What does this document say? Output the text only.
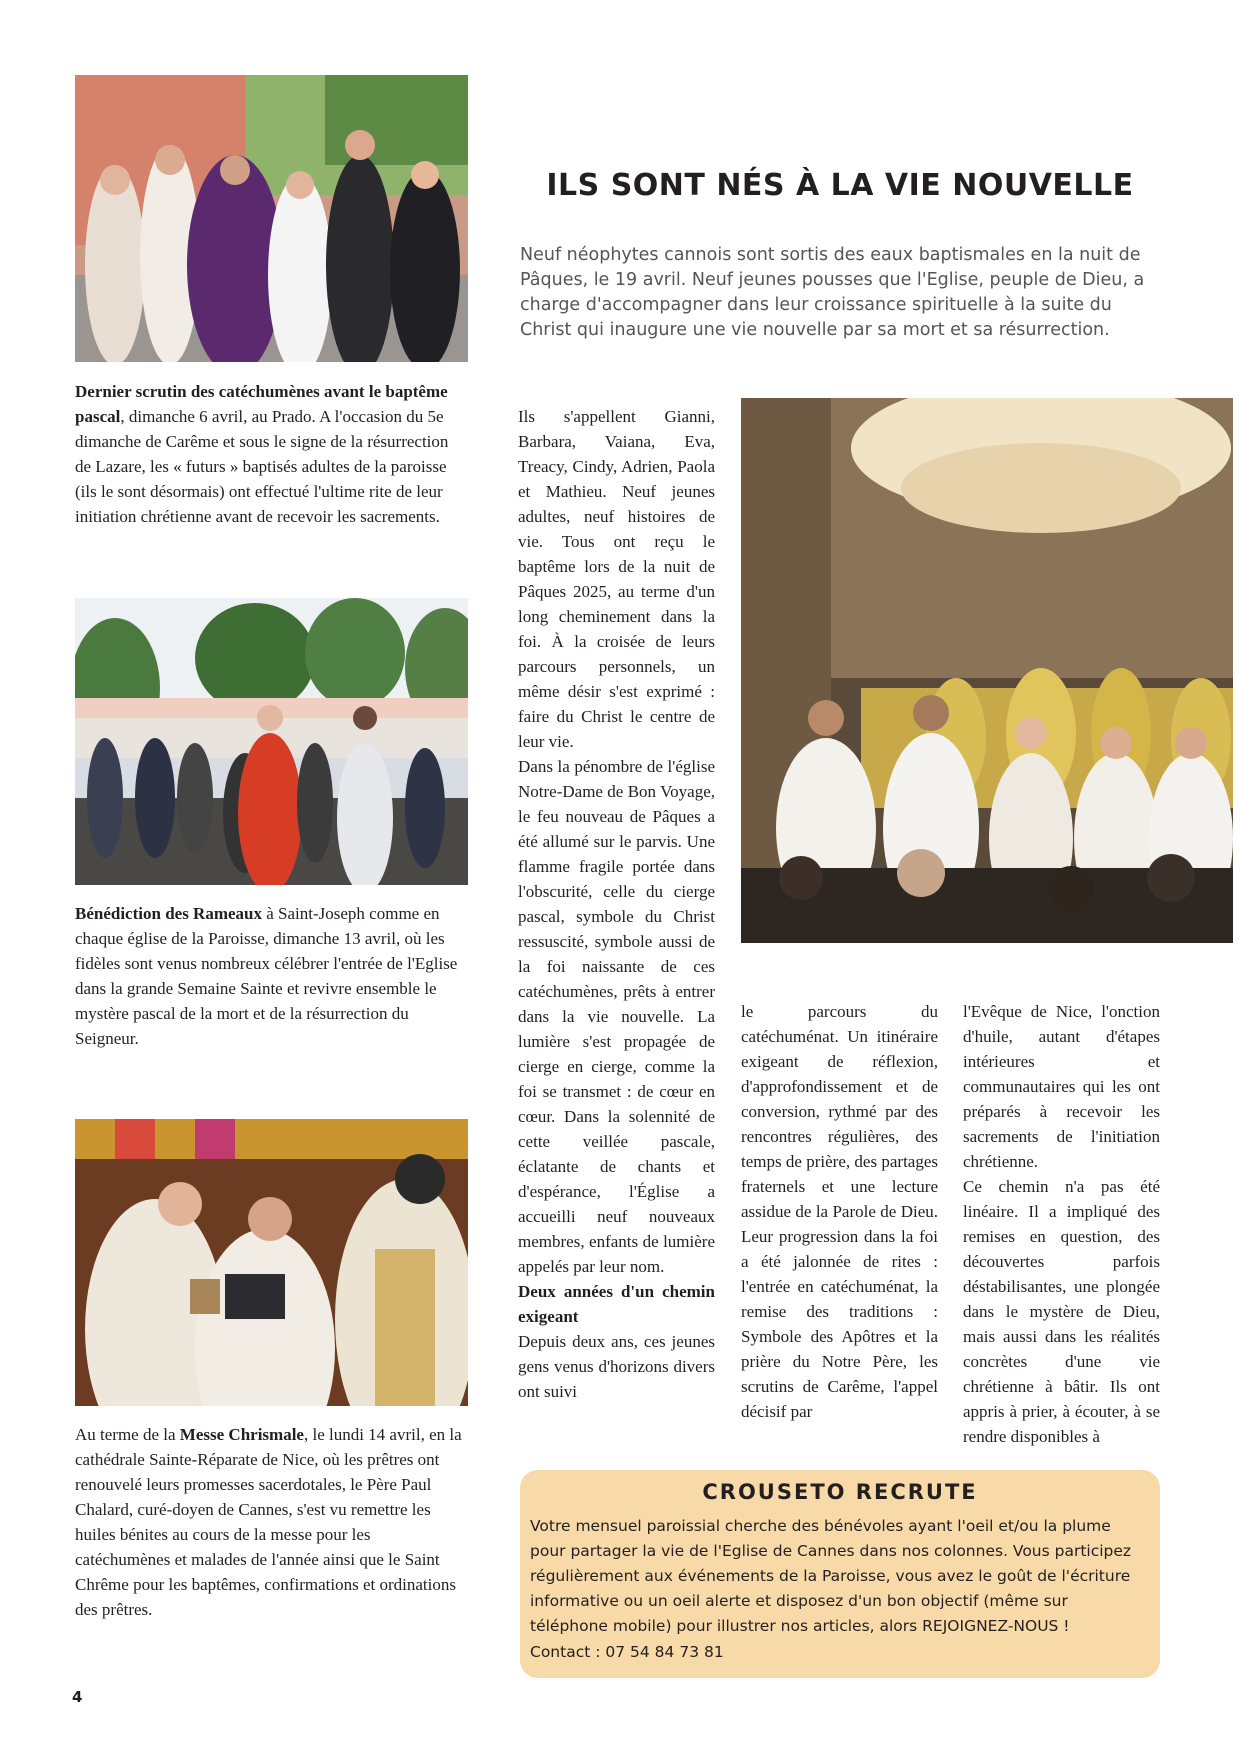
Dernier scrutin des catéchumènes avant le baptême pascal, dimanche 6 avril, au Prado. A l'occasion du 5e dimanche de Carême et sous le signe de la résurrection de Lazare, les « futurs » baptisés adultes de la paroisse (ils le sont désormais) ont effectué l'ultime rite de leur initiation chrétienne avant de recevoir les sacrements.
Bénédiction des Rameaux à Saint-Joseph comme en chaque église de la Paroisse, dimanche 13 avril, où les fidèles sont venus nombreux célébrer l'entrée de l'Eglise dans la grande Semaine Sainte et revivre ensemble le mystère pascal de la mort et de la résurrection du Seigneur.
Au terme de la Messe Chrismale, le lundi 14 avril, en la cathédrale Sainte-Réparate de Nice, où les prêtres ont renouvelé leurs promesses sacerdotales, le Père Paul Chalard, curé-doyen de Cannes, s'est vu remettre les huiles bénites au cours de la messe pour les catéchumènes et malades de l'année ainsi que le Saint Chrême pour les baptêmes, confirmations et ordinations des prêtres.
ILS SONT NÉS À LA VIE NOUVELLE

Neuf néophytes cannois sont sortis des eaux baptismales en la nuit de Pâques, le 19 avril. Neuf jeunes pousses que l'Eglise, peuple de Dieu, a charge d'accompagner dans leur croissance spirituelle à la suite du Christ qui inaugure une vie nouvelle par sa mort et sa résurrection.

Ils s'appellent Gianni, Barbara, Vaiana, Eva, Treacy, Cindy, Adrien, Paola et Mathieu. Neuf jeunes adultes, neuf histoires de vie. Tous ont reçu le baptême lors de la nuit de Pâques 2025, au terme d'un long cheminement dans la foi. À la croisée de leurs parcours personnels, un même désir s'est exprimé : faire du Christ le centre de leur vie.

Dans la pénombre de l'église Notre-Dame de Bon Voyage, le feu nouveau de Pâques a été allumé sur le parvis. Une flamme fragile portée dans l'obscurité, celle du cierge pascal, symbole du Christ ressuscité, symbole aussi de la foi naissante de ces catéchumènes, prêts à entrer dans la vie nouvelle. La lumière s'est propagée de cierge en cierge, comme la foi se transmet : de cœur en cœur. Dans la solennité de cette veillée pascale, éclatante de chants et d'espérance, l'Église a accueilli neuf nouveaux membres, enfants de lumière appelés par leur nom.

Deux années d'un chemin exigeant

Depuis deux ans, ces jeunes gens venus d'horizons divers ont suivi

le parcours du catéchuménat. Un itinéraire exigeant de réflexion, d'approfondissement et de conversion, rythmé par des rencontres régulières, des temps de prière, des partages fraternels et une lecture assidue de la Parole de Dieu. Leur progression dans la foi a été jalonnée de rites : l'entrée en catéchuménat, la remise des traditions : Symbole des Apôtres et la prière du Notre Père, les scrutins de Carême, l'appel décisif par

l'Evêque de Nice, l'onction d'huile, autant d'étapes intérieures et communautaires qui les ont préparés à recevoir les sacrements de l'initiation chrétienne.

Ce chemin n'a pas été linéaire. Il a impliqué des remises en question, des découvertes parfois déstabilisantes, une plongée dans le mystère de Dieu, mais aussi dans les réalités concrètes d'une vie chrétienne à bâtir. Ils ont appris à prier, à écouter, à se rendre disponibles à

CROUSETO RECRUTE

Votre mensuel paroissial cherche des bénévoles ayant l'oeil et/ou la plume pour partager la vie de l'Eglise de Cannes dans nos colonnes. Vous participez régulièrement aux événements de la Paroisse, vous avez le goût de l'écriture informative ou un oeil alerte et disposez d'un bon objectif (même sur téléphone mobile) pour illustrer nos articles, alors REJOIGNEZ-NOUS !

Contact : 07 54 84 73 81
4
